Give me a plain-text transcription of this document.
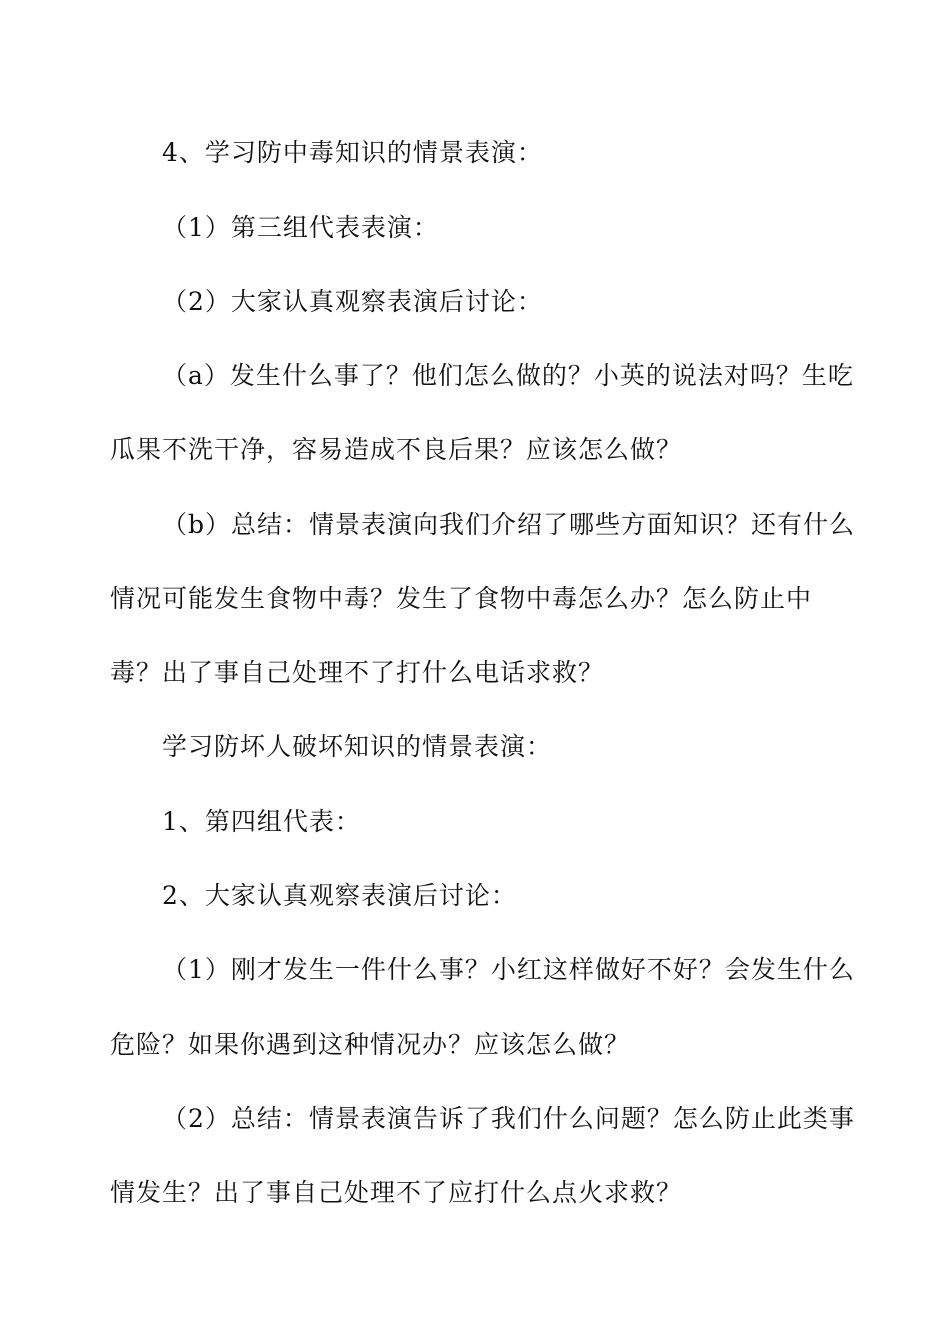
4、学习防中毒知识的情景表演：
（1）第三组代表表演：
（2）大家认真观察表演后讨论：
（a）发生什么事了？他们怎么做的？小英的说法对吗？生吃
瓜果不洗干净，容易造成不良后果？应该怎么做？
（b）总结：情景表演向我们介绍了哪些方面知识？还有什么
情况可能发生食物中毒？发生了食物中毒怎么办？怎么防止中
毒？出了事自己处理不了打什么电话求救？
学习防坏人破坏知识的情景表演：
1、第四组代表：
2、大家认真观察表演后讨论：
（1）刚才发生一件什么事？小红这样做好不好？会发生什么
危险？如果你遇到这种情况办？应该怎么做？
（2）总结：情景表演告诉了我们什么问题？怎么防止此类事
情发生？出了事自己处理不了应打什么点火求救？
